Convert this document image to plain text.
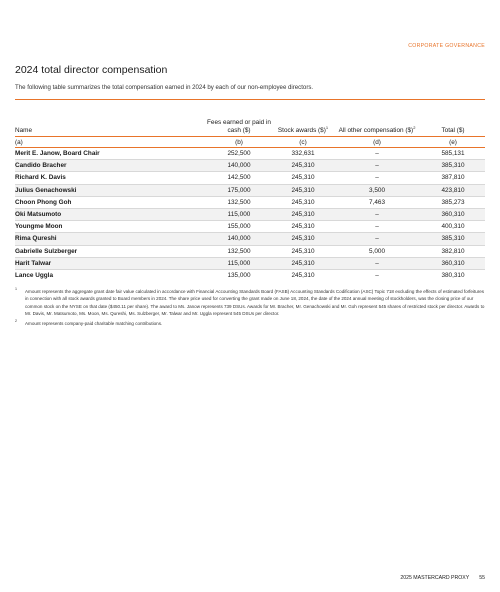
CORPORATE GOVERNANCE
2024 total director compensation
The following table summarizes the total compensation earned in 2024 by each of our non-employee directors.
Name	Fees earned or paid in cash ($)	Stock awards ($)$^1$	All other compensation ($)$^2$	Total ($)
(a)	(b)	(c)	(d)	(e)
Merit E. Janow, Board Chair	252,500	332,631	–	585,131
Candido Bracher	140,000	245,310	–	385,310
Richard K. Davis	142,500	245,310	–	387,810
Julius Genachowski	175,000	245,310	3,500	423,810
Choon Phong Goh	132,500	245,310	7,463	385,273
Oki Matsumoto	115,000	245,310	–	360,310
Youngme Moon	155,000	245,310	–	400,310
Rima Qureshi	140,000	245,310	–	385,310
Gabrielle Sulzberger	132,500	245,310	5,000	382,810
Harit Talwar	115,000	245,310	–	360,310
Lance Uggla	135,000	245,310	–	380,310
1 Amount represents the aggregate grant date fair value calculated in accordance with Financial Accounting Standards Board (FASB) Accounting Standards Codification (ASC) Topic 718 excluding the effects of estimated forfeitures in connection with all stock awards granted to Board members in 2024. The share price used for converting the grant made on June 18, 2024, the date of the 2024 annual meeting of stockholders, was the closing price of our common stock on the NYSE on that date ($450.11 per share). The award to Ms. Janow represents 739 DSUs. Awards for Mr. Bracher, Mr. Genachowski and Mr. Goh represent 545 shares of restricted stock per director. Awards to Mr. Davis, Mr. Matsumoto, Ms. Moon, Ms. Qureshi, Ms. Sulzberger, Mr. Talwar and Mr. Uggla represent 545 DSUs per director.
2 Amount represents company-paid charitable matching contributions.
2025 MASTERCARD PROXY 55
